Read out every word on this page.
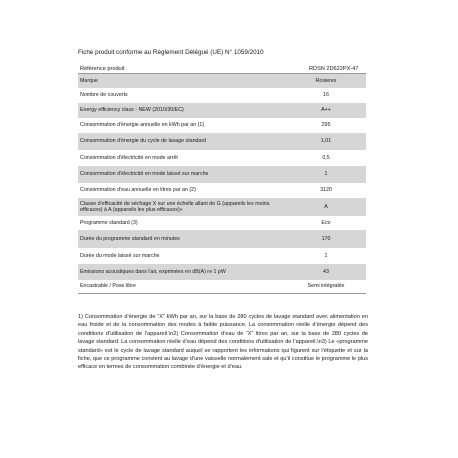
Fiche produit conforme au Règlement Délégué (UE) N° 1059/2010
Référence produit	RDSN 2D622PX-47
Marque	Rosieres
Nombre de couverts	16
Energy efficiency class - NEW (2010/30/EC)	A++
Consommation d'énergie annuelle en kWh par an (1)	295
Consommation d'énergie du cycle de lavage standard	1,01
Consommation d'électricité en mode arrêt	0,5
Consommation d'électricité en mode laissé sur marche	1
Consommation d'eau annuelle en litres par an (2)	3120
Classe d'efficacité de séchage X sur une échelle allant de G (appareils les moins efficaces) à A (appareils les plus efficaces)»	A
Programme standard (3)	Eco
Durée du programme standard en minutes	170
Durée du mode laissé sur marche	1
Emissions acoustiques dans l'air, exprimées en dB(A) re 1 pW	43
Encastrable / Pose libre	Semi intégrable
1) Consommation d’énergie de “X” kWh par an, sur la base de 280 cycles de lavage standard avec alimentation en eau froide et de la consommation des modes à faible puissance. La consommation réelle d’énergie dépend des conditions d’utilisation de l’appareil.\n2) Consommation d’eau de “X” litres par an, sur la base de 280 cycles de lavage standard. La consommation réelle d’eau dépend des conditions d’utilisation de l’appareil.\n3) Le «programme standard» est le cycle de lavage standard auquel se rapportent les informations qui figurent sur l’étiquette et sur la fiche, que ce programme convient au lavage d’une vaisselle normalement sale et qu’il constitue le programme le plus efficace en termes de consommation combinée d’énergie et d’eau.
